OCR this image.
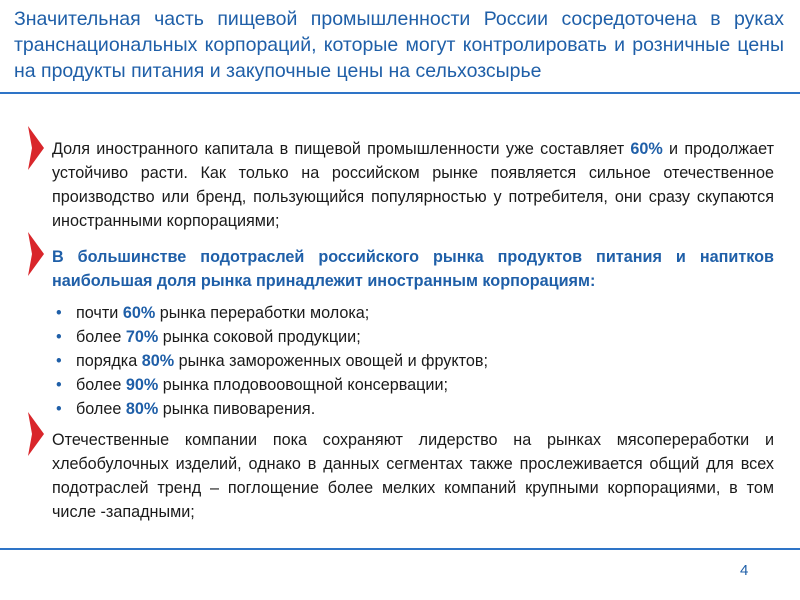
Значительная часть пищевой промышленности России сосредоточена в руках транснациональных корпораций, которые могут контролировать и розничные цены на продукты питания и закупочные цены на сельхозсырье
Доля иностранного капитала в пищевой промышленности уже составляет 60% и продолжает устойчиво расти. Как только на российском рынке появляется сильное отечественное производство или бренд, пользующийся популярностью у потребителя, они сразу скупаются иностранными корпорациями;
В большинстве подотраслей российского рынка продуктов питания и напитков наибольшая доля рынка принадлежит иностранным корпорациям:
• почти 60% рынка переработки молока;
• более 70% рынка соковой продукции;
• порядка 80% рынка замороженных овощей и фруктов;
• более 90% рынка плодовоовощной консервации;
• более 80% рынка пивоварения.
Отечественные компании пока сохраняют лидерство на рынках мясопереработки и хлебобулочных изделий, однако в данных сегментах также прослеживается общий для всех подотраслей тренд – поглощение более мелких компаний крупными корпорациями, в том числе -западными;
4
